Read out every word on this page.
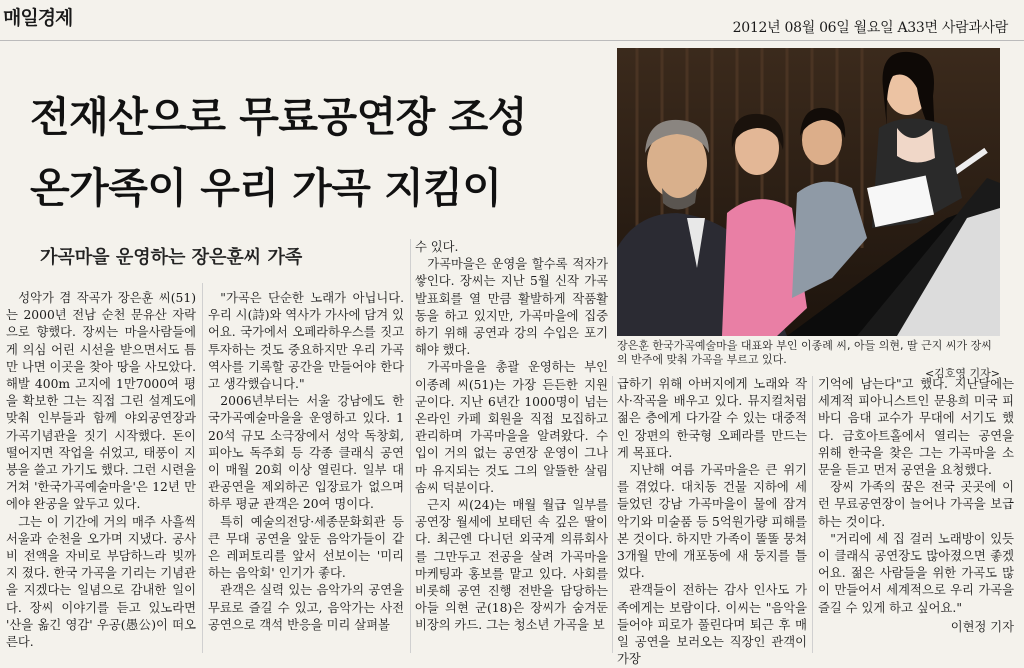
매일경제	2012년 08월 06일 월요일 A33면 사람과사람
전재산으로 무료공연장 조성
온가족이 우리 가곡 지킴이
가곡마을 운영하는 장은훈씨 가족

성악가 겸 작곡가 장은훈 씨(51)는 2000년 전남 순천 문유산 자락으로 향했다. 장씨는 마을사람들에게 의심 어린 시선을 받으면서도 틈만 나면 이곳을 찾아 땅을 사모았다. 해발 400m 고지에 1만7000여 평을 확보한 그는 직접 그린 설계도에 맞춰 인부들과 함께 야외공연장과 가곡기념관을 짓기 시작했다. 돈이 떨어지면 작업을 쉬었고, 태풍이 지붕을 쓸고 가기도 했다. 그런 시련을 거쳐 '한국가곡예술마을'은 12년 만에야 완공을 앞두고 있다.

그는 이 기간에 거의 매주 사흘씩 서울과 순천을 오가며 지냈다. 공사비 전액을 자비로 부담하느라 빚까지 졌다. 한국 가곡을 기리는 기념관을 지겠다는 일념으로 감내한 일이다. 장씨 이야기를 듣고 있노라면 '산을 옮긴 영감' 우공(愚公)이 떠오른다.

"가곡은 단순한 노래가 아닙니다. 우리 시(詩)와 역사가 가사에 담겨 있어요. 국가에서 오페라하우스를 짓고 투자하는 것도 중요하지만 우리 가곡 역사를 기록할 공간을 만들어야 한다고 생각했습니다."

2006년부터는 서울 강남에도 한국가곡예술마을을 운영하고 있다. 120석 규모 소극장에서 성악 독창회, 피아노 독주회 등 각종 클래식 공연이 매월 20회 이상 열린다. 일부 대관공연을 제외하곤 입장료가 없으며 하루 평균 관객은 20여 명이다.

특히 예술의전당·세종문화회관 등 큰 무대 공연을 앞둔 음악가들이 같은 레퍼토리를 앞서 선보이는 '미리 하는 음악회' 인기가 좋다.

관객은 실력 있는 음악가의 공연을 무료로 즐길 수 있고, 음악가는 사전 공연으로 객석 반응을 미리 살펴볼

수 있다.

가곡마을은 운영을 할수록 적자가 쌓인다. 장씨는 지난 5월 신작 가곡 발표회를 열 만큼 활발하게 작품활동을 하고 있지만, 가곡마을에 집중하기 위해 공연과 강의 수입은 포기해야 했다.

가곡마을을 총괄 운영하는 부인 이종례 씨(51)는 가장 든든한 지원군이다. 지난 6년간 1000명이 넘는 온라인 카페 회원을 직접 모집하고 관리하며 가곡마을을 알려왔다. 수입이 거의 없는 공연장 운영이 그나마 유지되는 것도 그의 알뜰한 살림 솜씨 덕분이다.

근지 씨(24)는 매월 월급 일부를 공연장 월세에 보태던 속 깊은 딸이다. 최근엔 다니던 외국계 의류회사를 그만두고 전공을 살려 가곡마을 마케팅과 홍보를 맡고 있다. 사회를 비롯해 공연 진행 전반을 담당하는 아들 의현 군(18)은 장씨가 숨겨둔 비장의 카드. 그는 청소년 가곡을 보

장은훈 한국가곡예술마을 대표와 부인 이종례 씨, 아들 의현, 딸 근지 씨가 장씨의 반주에 맞춰 가곡을 부르고 있다.
<김호영 기자>

급하기 위해 아버지에게 노래와 작사·작곡을 배우고 있다. 뮤지컬처럼 젊은 층에게 다가갈 수 있는 대중적인 장편의 한국형 오페라를 만드는 게 목표다.

지난해 여름 가곡마을은 큰 위기를 겪었다. 대치동 건물 지하에 세 들었던 강남 가곡마을이 물에 잠겨 악기와 미술품 등 5억원가량 피해를 본 것이다. 하지만 가족이 똘똘 뭉쳐 3개월 만에 개포동에 새 둥지를 틀었다.

관객들이 전하는 감사 인사도 가족에게는 보람이다. 이씨는 "음악을 들어야 피로가 풀린다며 퇴근 후 매일 공연을 보러오는 직장인 관객이 가장

기억에 남는다"고 했다. 지난달에는 세계적 피아니스트인 문용희 미국 피바디 음대 교수가 무대에 서기도 했다. 금호아트홀에서 열리는 공연을 위해 한국을 찾은 그는 가곡마을 소문을 듣고 먼저 공연을 요청했다.

장씨 가족의 꿈은 전국 곳곳에 이런 무료공연장이 늘어나 가곡을 보급하는 것이다.

"거리에 세 집 걸러 노래방이 있듯이 클래식 공연장도 많아졌으면 좋겠어요. 젊은 사람들을 위한 가곡도 많이 만들어서 세계적으로 우리 가곡을 즐길 수 있게 하고 싶어요."

이현정 기자
